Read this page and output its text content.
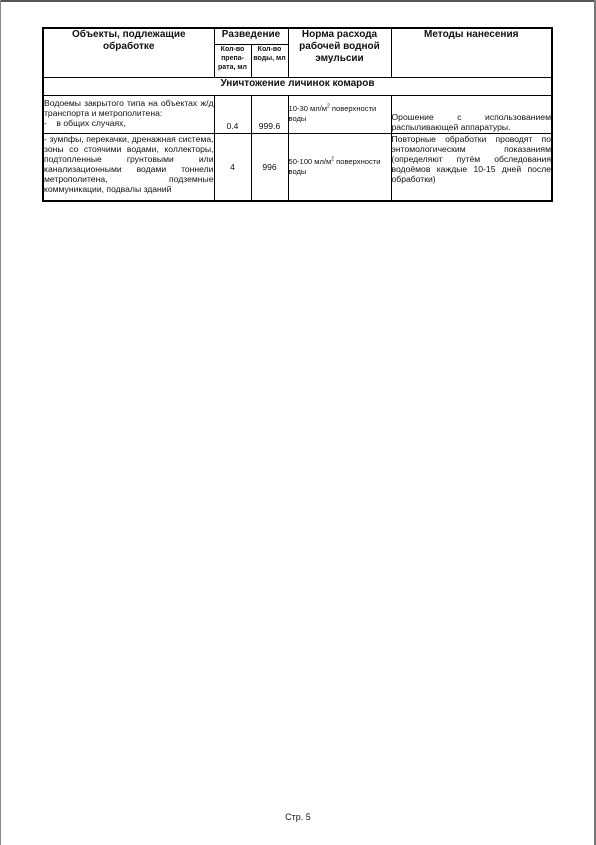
Объекты, подлежащие обработке	Разведение		Норма расхода рабочей водной эмульсии	Методы нанесения
	Кол-во препа-рата, мл	Кол-во воды, мл		
Уничтожение личинок комаров				
Водоемы закрытого типа на объектах ж/д транспорта и метрополитена:
-    в общих случаях,	0.4	999.6	10-30 $мл/м^2$ поверхности воды	Орошение с использованием распыливающей аппаратуры.

- зумпфы, перекачки, дренажная система, зоны со стоячими водами, коллекторы, подтопленные грунтовыми или канализационными водами тоннели метрополитена, подземные коммуникации, подвалы зданий	4	996	50-100 $мл/м^2$ поверхности воды	Повторные обработки проводят по энтомологическим показаниям (определяют путём обследования водоёмов каждые 10-15 дней после обработки)
Стр. 5
